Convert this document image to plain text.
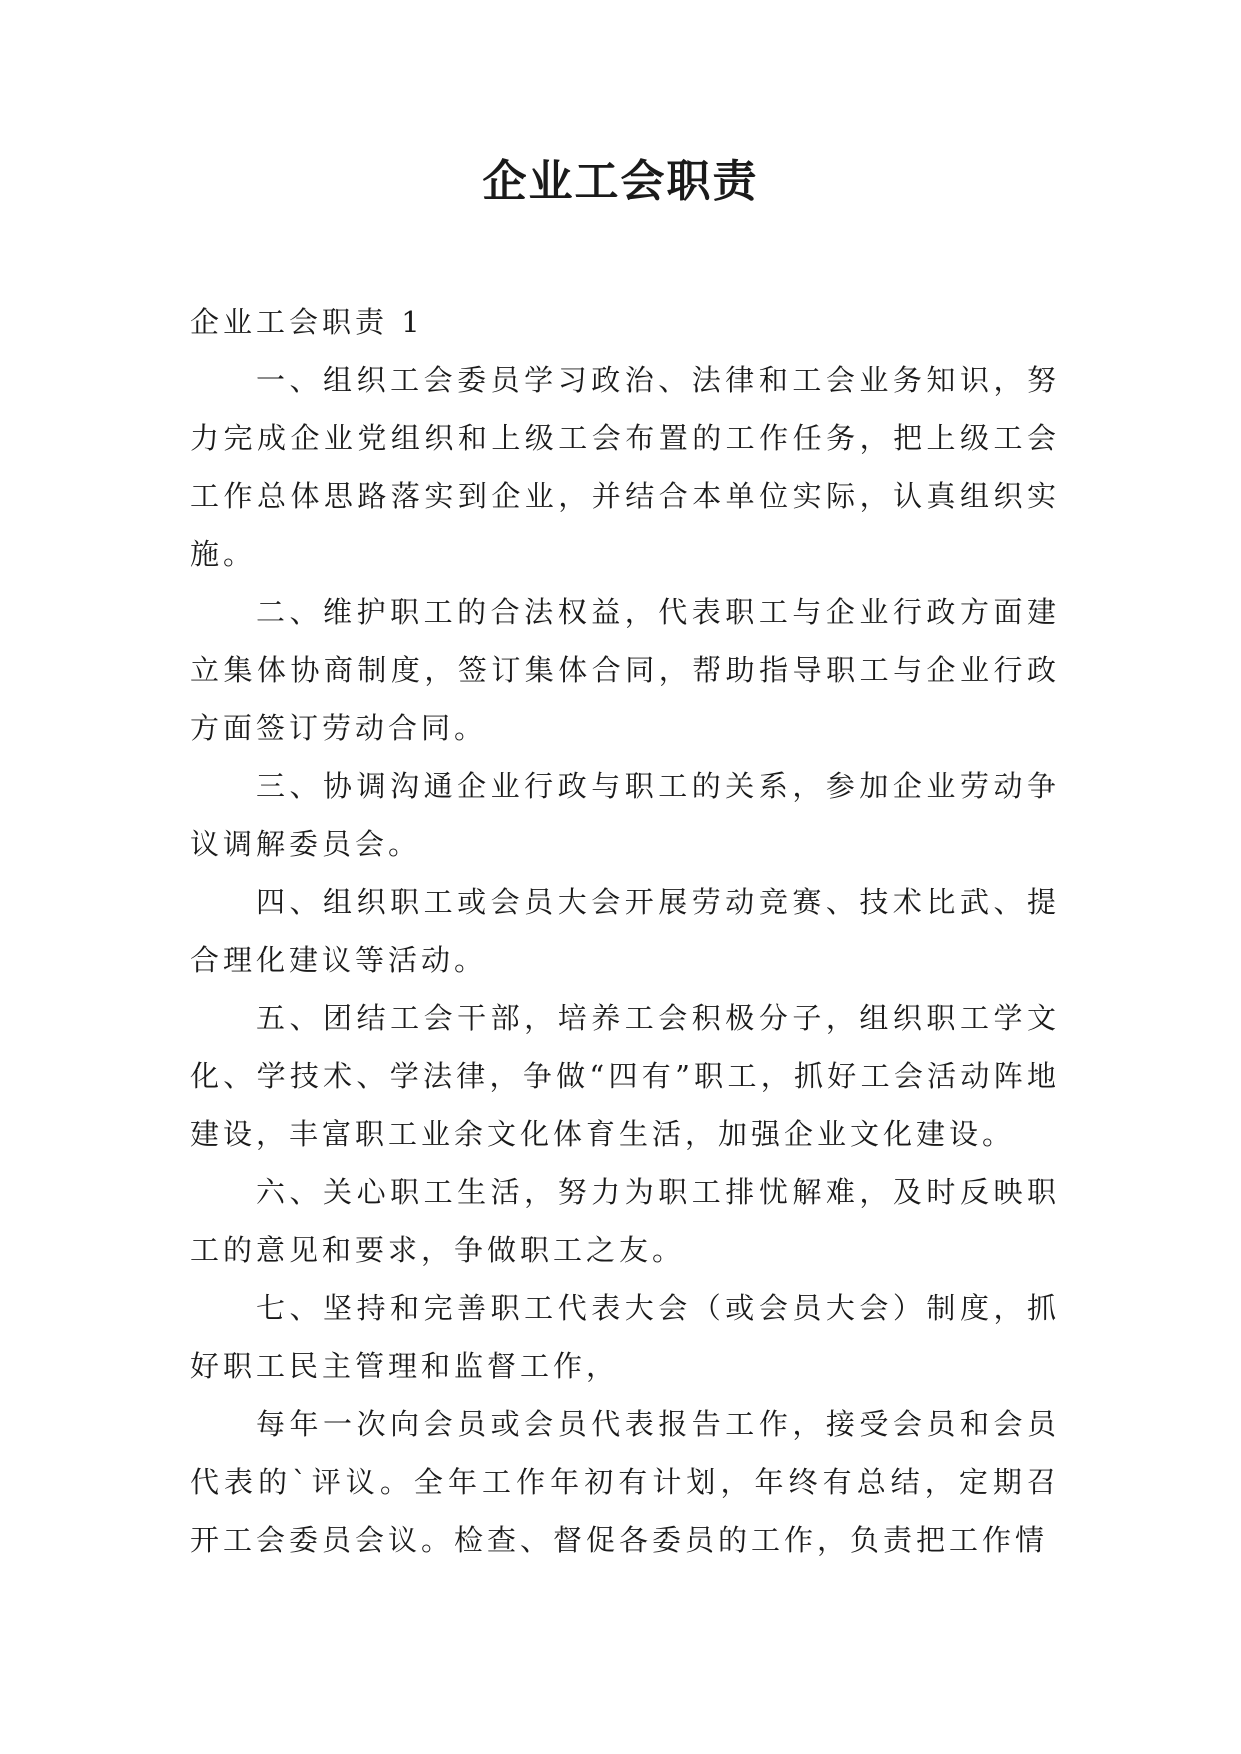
企业工会职责

企业工会职责 1

一、组织工会委员学习政治、法律和工会业务知识，努力完成企业党组织和上级工会布置的工作任务，把上级工会工作总体思路落实到企业，并结合本单位实际，认真组织实施。

二、维护职工的合法权益，代表职工与企业行政方面建立集体协商制度，签订集体合同，帮助指导职工与企业行政方面签订劳动合同。

三、协调沟通企业行政与职工的关系，参加企业劳动争议调解委员会。

四、组织职工或会员大会开展劳动竞赛、技术比武、提合理化建议等活动。

五、团结工会干部，培养工会积极分子，组织职工学文化、学技术、学法律，争做“四有”职工，抓好工会活动阵地建设，丰富职工业余文化体育生活，加强企业文化建设。

六、关心职工生活，努力为职工排忧解难，及时反映职工的意见和要求，争做职工之友。

七、坚持和完善职工代表大会（或会员大会）制度，抓好职工民主管理和监督工作，

每年一次向会员或会员代表报告工作，接受会员和会员代表的`评议。全年工作年初有计划，年终有总结，定期召开工会委员会议。检查、督促各委员的工作，负责把工作情
